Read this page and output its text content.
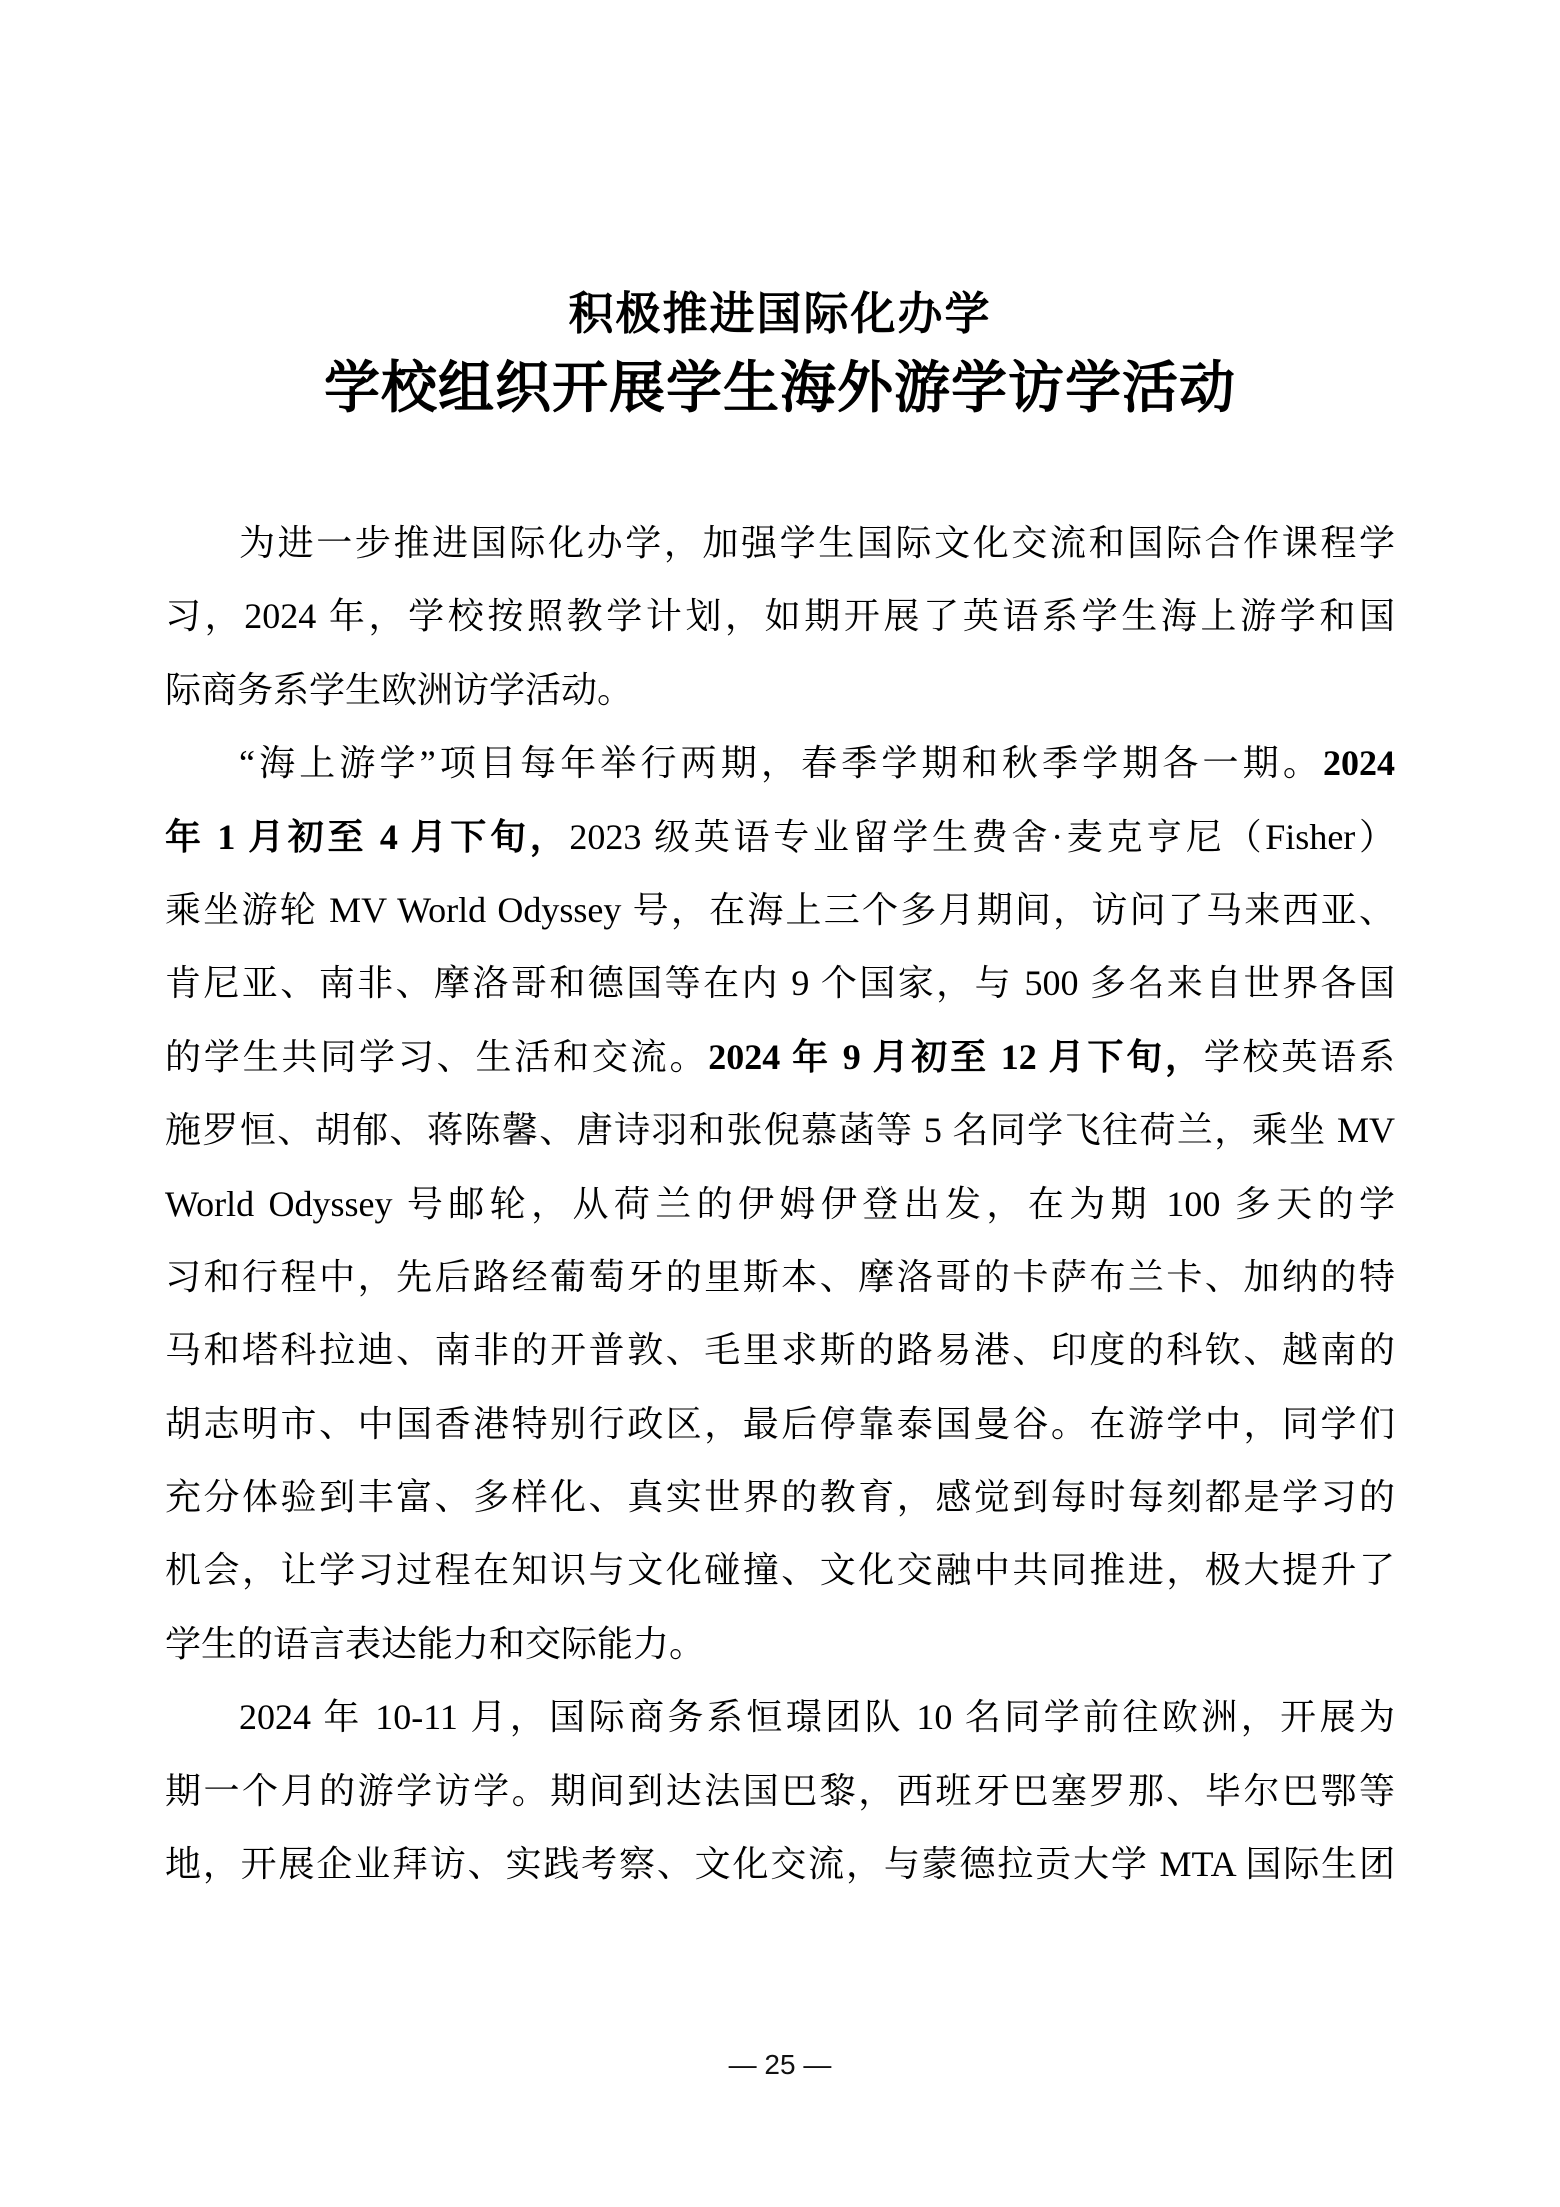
积极推进国际化办学
学校组织开展学生海外游学访学活动
为进一步推进国际化办学，加强学生国际文化交流和国际合作课程学
习，2024 年，学校按照教学计划，如期开展了英语系学生海上游学和国
际商务系学生欧洲访学活动。
“海上游学”项目每年举行两期，春季学期和秋季学期各一期。2024
年 1 月初至 4 月下旬，2023 级英语专业留学生费舍·麦克亨尼（Fisher）
乘坐游轮 MV World Odyssey 号，在海上三个多月期间，访问了马来西亚、
肯尼亚、南非、摩洛哥和德国等在内 9 个国家，与 500 多名来自世界各国
的学生共同学习、生活和交流。2024 年 9 月初至 12 月下旬，学校英语系
施罗恒、胡郁、蒋陈馨、唐诗羽和张倪慕菡等 5 名同学飞往荷兰，乘坐 MV
World Odyssey 号邮轮，从荷兰的伊姆伊登出发，在为期 100 多天的学
习和行程中，先后路经葡萄牙的里斯本、摩洛哥的卡萨布兰卡、加纳的特
马和塔科拉迪、南非的开普敦、毛里求斯的路易港、印度的科钦、越南的
胡志明市、中国香港特别行政区，最后停靠泰国曼谷。在游学中，同学们
充分体验到丰富、多样化、真实世界的教育，感觉到每时每刻都是学习的
机会，让学习过程在知识与文化碰撞、文化交融中共同推进，极大提升了
学生的语言表达能力和交际能力。
2024 年 10-11 月，国际商务系恒璟团队 10 名同学前往欧洲，开展为
期一个月的游学访学。期间到达法国巴黎，西班牙巴塞罗那、毕尔巴鄂等
地，开展企业拜访、实践考察、文化交流，与蒙德拉贡大学 MTA 国际生团
— 25 —
